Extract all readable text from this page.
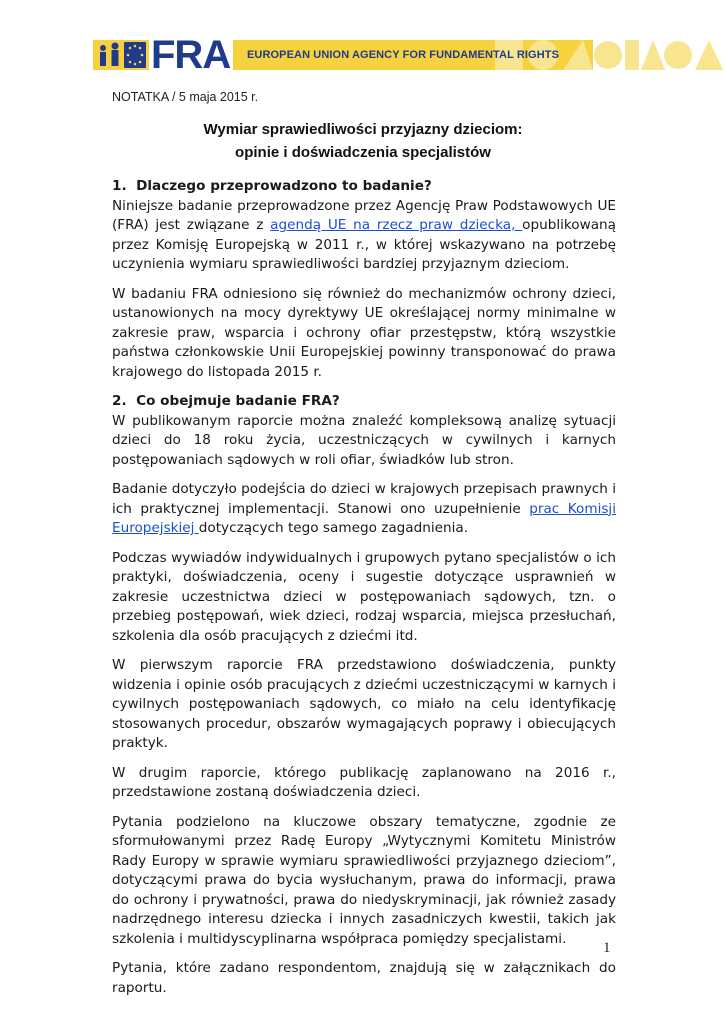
FRA EUROPEAN UNION AGENCY FOR FUNDAMENTAL RIGHTS
NOTATKA / 5 maja 2015 r.
Wymiar sprawiedliwości przyjazny dzieciom:
opinie i doświadczenia specjalistów
1.  Dlaczego przeprowadzono to badanie?

Niniejsze badanie przeprowadzone przez Agencję Praw Podstawowych UE (FRA) jest związane z agendą UE na rzecz praw dziecka, opublikowaną przez Komisję Europejską w 2011 r., w której wskazywano na potrzebę uczynienia wymiaru sprawiedliwości bardziej przyjaznym dzieciom.

W badaniu FRA odniesiono się również do mechanizmów ochrony dzieci, ustanowionych na mocy dyrektywy UE określającej normy minimalne w zakresie praw, wsparcia i ochrony ofiar przestępstw, którą wszystkie państwa członkowskie Unii Europejskiej powinny transponować do prawa krajowego do listopada 2015 r.

2.  Co obejmuje badanie FRA?

W publikowanym raporcie można znaleźć kompleksową analizę sytuacji dzieci do 18 roku życia, uczestniczących w cywilnych i karnych postępowaniach sądowych w roli ofiar, świadków lub stron.

Badanie dotyczyło podejścia do dzieci w krajowych przepisach prawnych i ich praktycznej implementacji. Stanowi ono uzupełnienie prac Komisji Europejskiej dotyczących tego samego zagadnienia.

Podczas wywiadów indywidualnych i grupowych pytano specjalistów o ich praktyki, doświadczenia, oceny i sugestie dotyczące usprawnień w zakresie uczestnictwa dzieci w postępowaniach sądowych, tzn. o przebieg postępowań, wiek dzieci, rodzaj wsparcia, miejsca przesłuchań, szkolenia dla osób pracujących z dziećmi itd.

W pierwszym raporcie FRA przedstawiono doświadczenia, punkty widzenia i opinie osób pracujących z dziećmi uczestniczącymi w karnych i cywilnych postępowaniach sądowych, co miało na celu identyfikację stosowanych procedur, obszarów wymagających poprawy i obiecujących praktyk.

W drugim raporcie, którego publikację zaplanowano na 2016 r., przedstawione zostaną doświadczenia dzieci.

Pytania podzielono na kluczowe obszary tematyczne, zgodnie ze sformułowanymi przez Radę Europy „Wytycznymi Komitetu Ministrów Rady Europy w sprawie wymiaru sprawiedliwości przyjaznego dzieciom”, dotyczącymi prawa do bycia wysłuchanym, prawa do informacji, prawa do ochrony i prywatności, prawa do niedyskryminacji, jak również zasady nadrzędnego interesu dziecka i innych zasadniczych kwestii, takich jak szkolenia i multidyscyplinarna współpraca pomiędzy specjalistami.

Pytania, które zadano respondentom, znajdują się w załącznikach do raportu.

1
